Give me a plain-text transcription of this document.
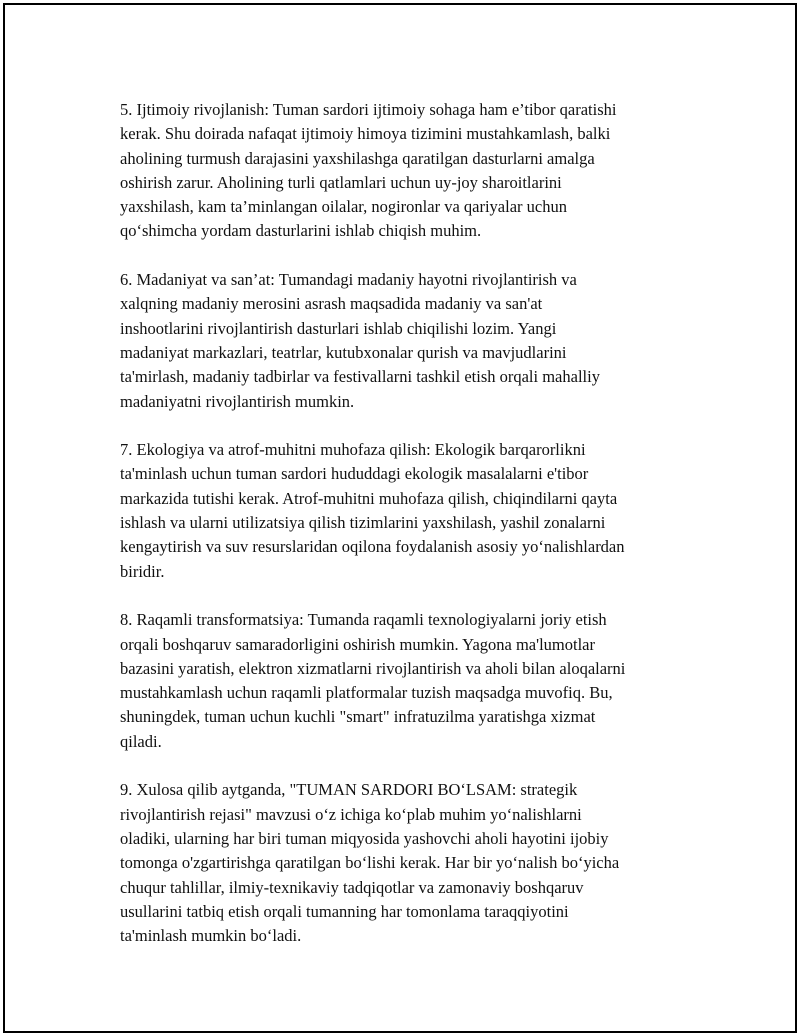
5. Ijtimoiy rivojlanish: Tuman sardori ijtimoiy sohaga ham e’tibor qaratishi
kerak. Shu doirada nafaqat ijtimoiy himoya tizimini mustahkamlash, balki
aholining turmush darajasini yaxshilashga qaratilgan dasturlarni amalga
oshirish zarur. Aholining turli qatlamlari uchun uy-joy sharoitlarini
yaxshilash, kam ta’minlangan oilalar, nogironlar va qariyalar uchun
qo‘shimcha yordam dasturlarini ishlab chiqish muhim.

6. Madaniyat va san’at: Tumandagi madaniy hayotni rivojlantirish va
xalqning madaniy merosini asrash maqsadida madaniy va san'at
inshootlarini rivojlantirish dasturlari ishlab chiqilishi lozim. Yangi
madaniyat markazlari, teatrlar, kutubxonalar qurish va mavjudlarini
ta'mirlash, madaniy tadbirlar va festivallarni tashkil etish orqali mahalliy
madaniyatni rivojlantirish mumkin.

7. Ekologiya va atrof-muhitni muhofaza qilish: Ekologik barqarorlikni
ta'minlash uchun tuman sardori hududdagi ekologik masalalarni e'tibor
markazida tutishi kerak. Atrof-muhitni muhofaza qilish, chiqindilarni qayta
ishlash va ularni utilizatsiya qilish tizimlarini yaxshilash, yashil zonalarni
kengaytirish va suv resurslaridan oqilona foydalanish asosiy yo‘nalishlardan
biridir.

8. Raqamli transformatsiya: Tumanda raqamli texnologiyalarni joriy etish
orqali boshqaruv samaradorligini oshirish mumkin. Yagona ma'lumotlar
bazasini yaratish, elektron xizmatlarni rivojlantirish va aholi bilan aloqalarni
mustahkamlash uchun raqamli platformalar tuzish maqsadga muvofiq. Bu,
shuningdek, tuman uchun kuchli "smart" infratuzilma yaratishga xizmat
qiladi.

9. Xulosa qilib aytganda, "TUMAN SARDORI BO‘LSAM: strategik
rivojlantirish rejasi" mavzusi o‘z ichiga ko‘plab muhim yo‘nalishlarni
oladiki, ularning har biri tuman miqyosida yashovchi aholi hayotini ijobiy
tomonga o'zgartirishga qaratilgan bo‘lishi kerak. Har bir yo‘nalish bo‘yicha
chuqur tahlillar, ilmiy-texnikaviy tadqiqotlar va zamonaviy boshqaruv
usullarini tatbiq etish orqali tumanning har tomonlama taraqqiyotini
ta'minlash mumkin bo‘ladi.
